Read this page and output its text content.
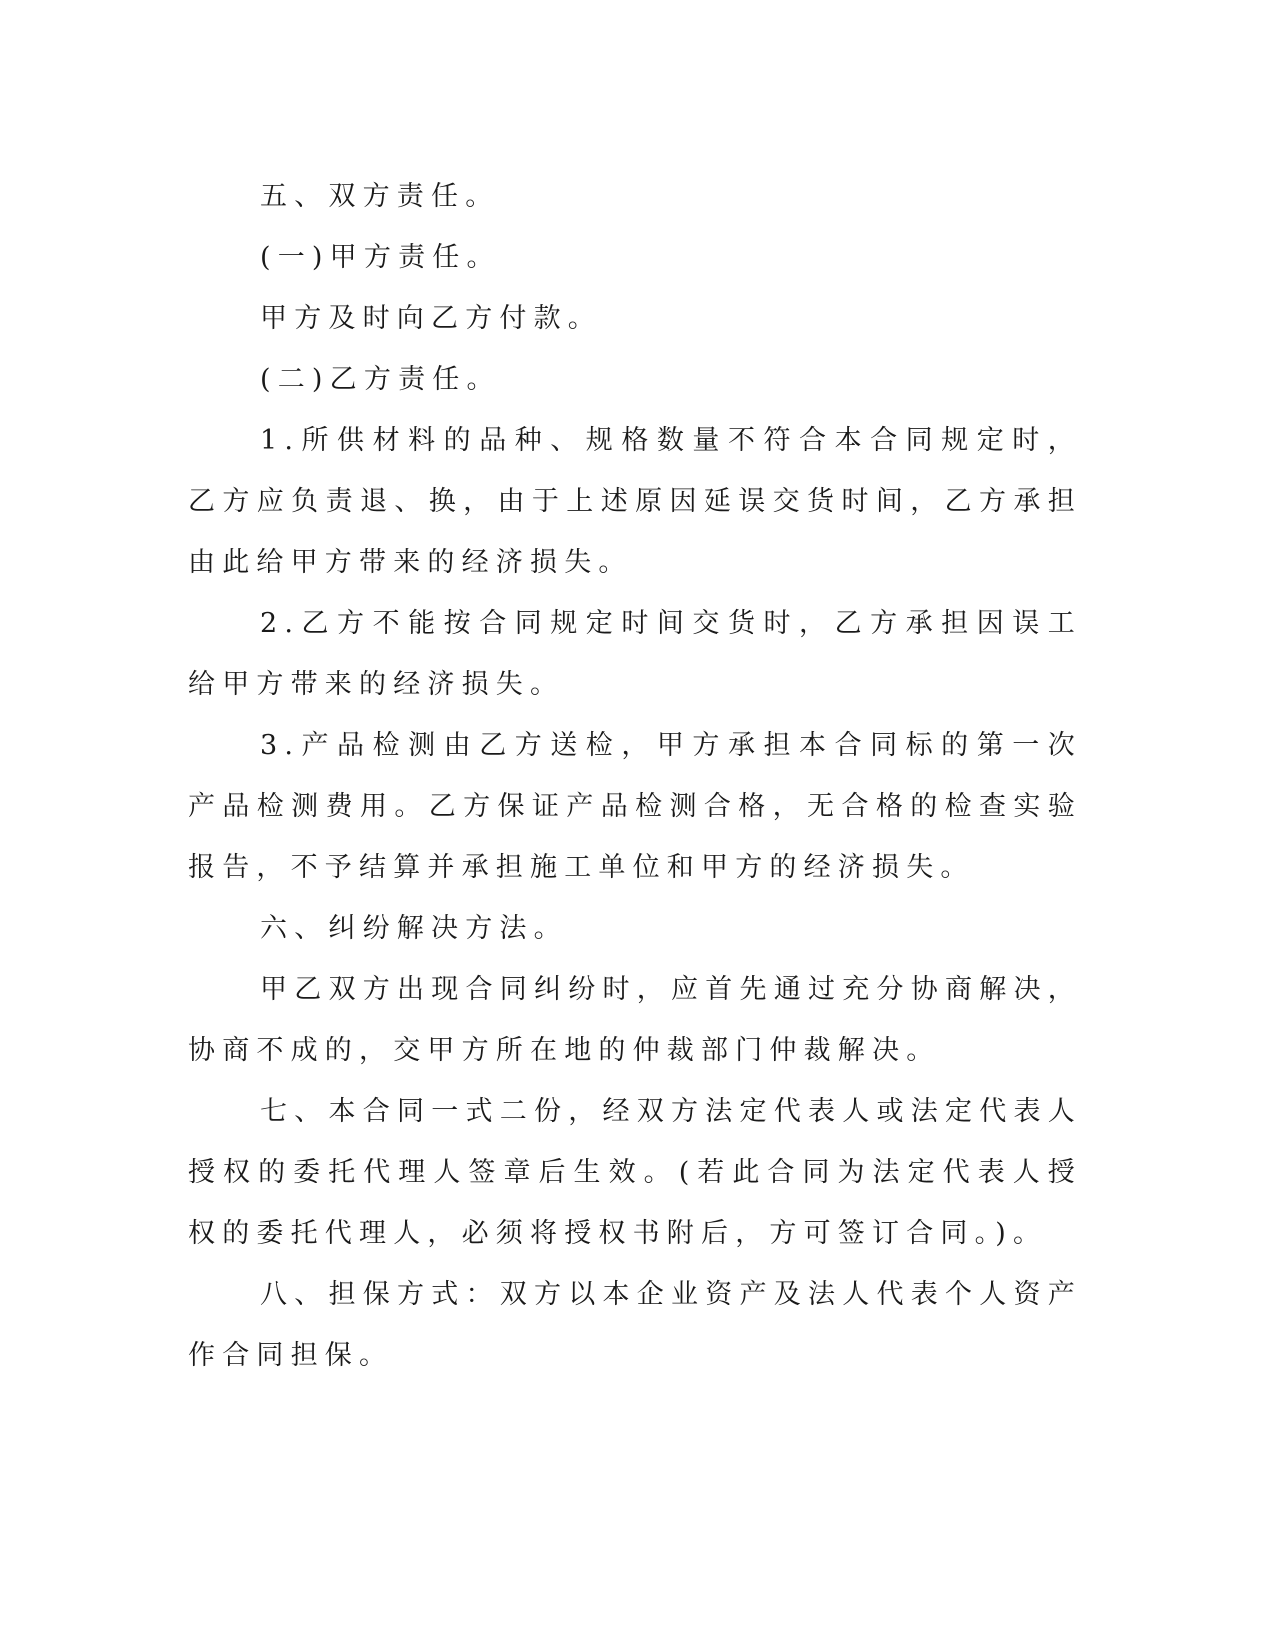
五、双方责任。

(一)甲方责任。

甲方及时向乙方付款。

(二)乙方责任。

1.所供材料的品种、规格数量不符合本合同规定时，乙方应负责退、换，由于上述原因延误交货时间，乙方承担由此给甲方带来的经济损失。

2.乙方不能按合同规定时间交货时，乙方承担因误工给甲方带来的经济损失。

3.产品检测由乙方送检，甲方承担本合同标的第一次产品检测费用。乙方保证产品检测合格，无合格的检查实验报告，不予结算并承担施工单位和甲方的经济损失。

六、纠纷解决方法。

甲乙双方出现合同纠纷时，应首先通过充分协商解决，协商不成的，交甲方所在地的仲裁部门仲裁解决。

七、本合同一式二份，经双方法定代表人或法定代表人授权的委托代理人签章后生效。(若此合同为法定代表人授权的委托代理人，必须将授权书附后，方可签订合同。)。

八、担保方式：双方以本企业资产及法人代表个人资产作合同担保。
